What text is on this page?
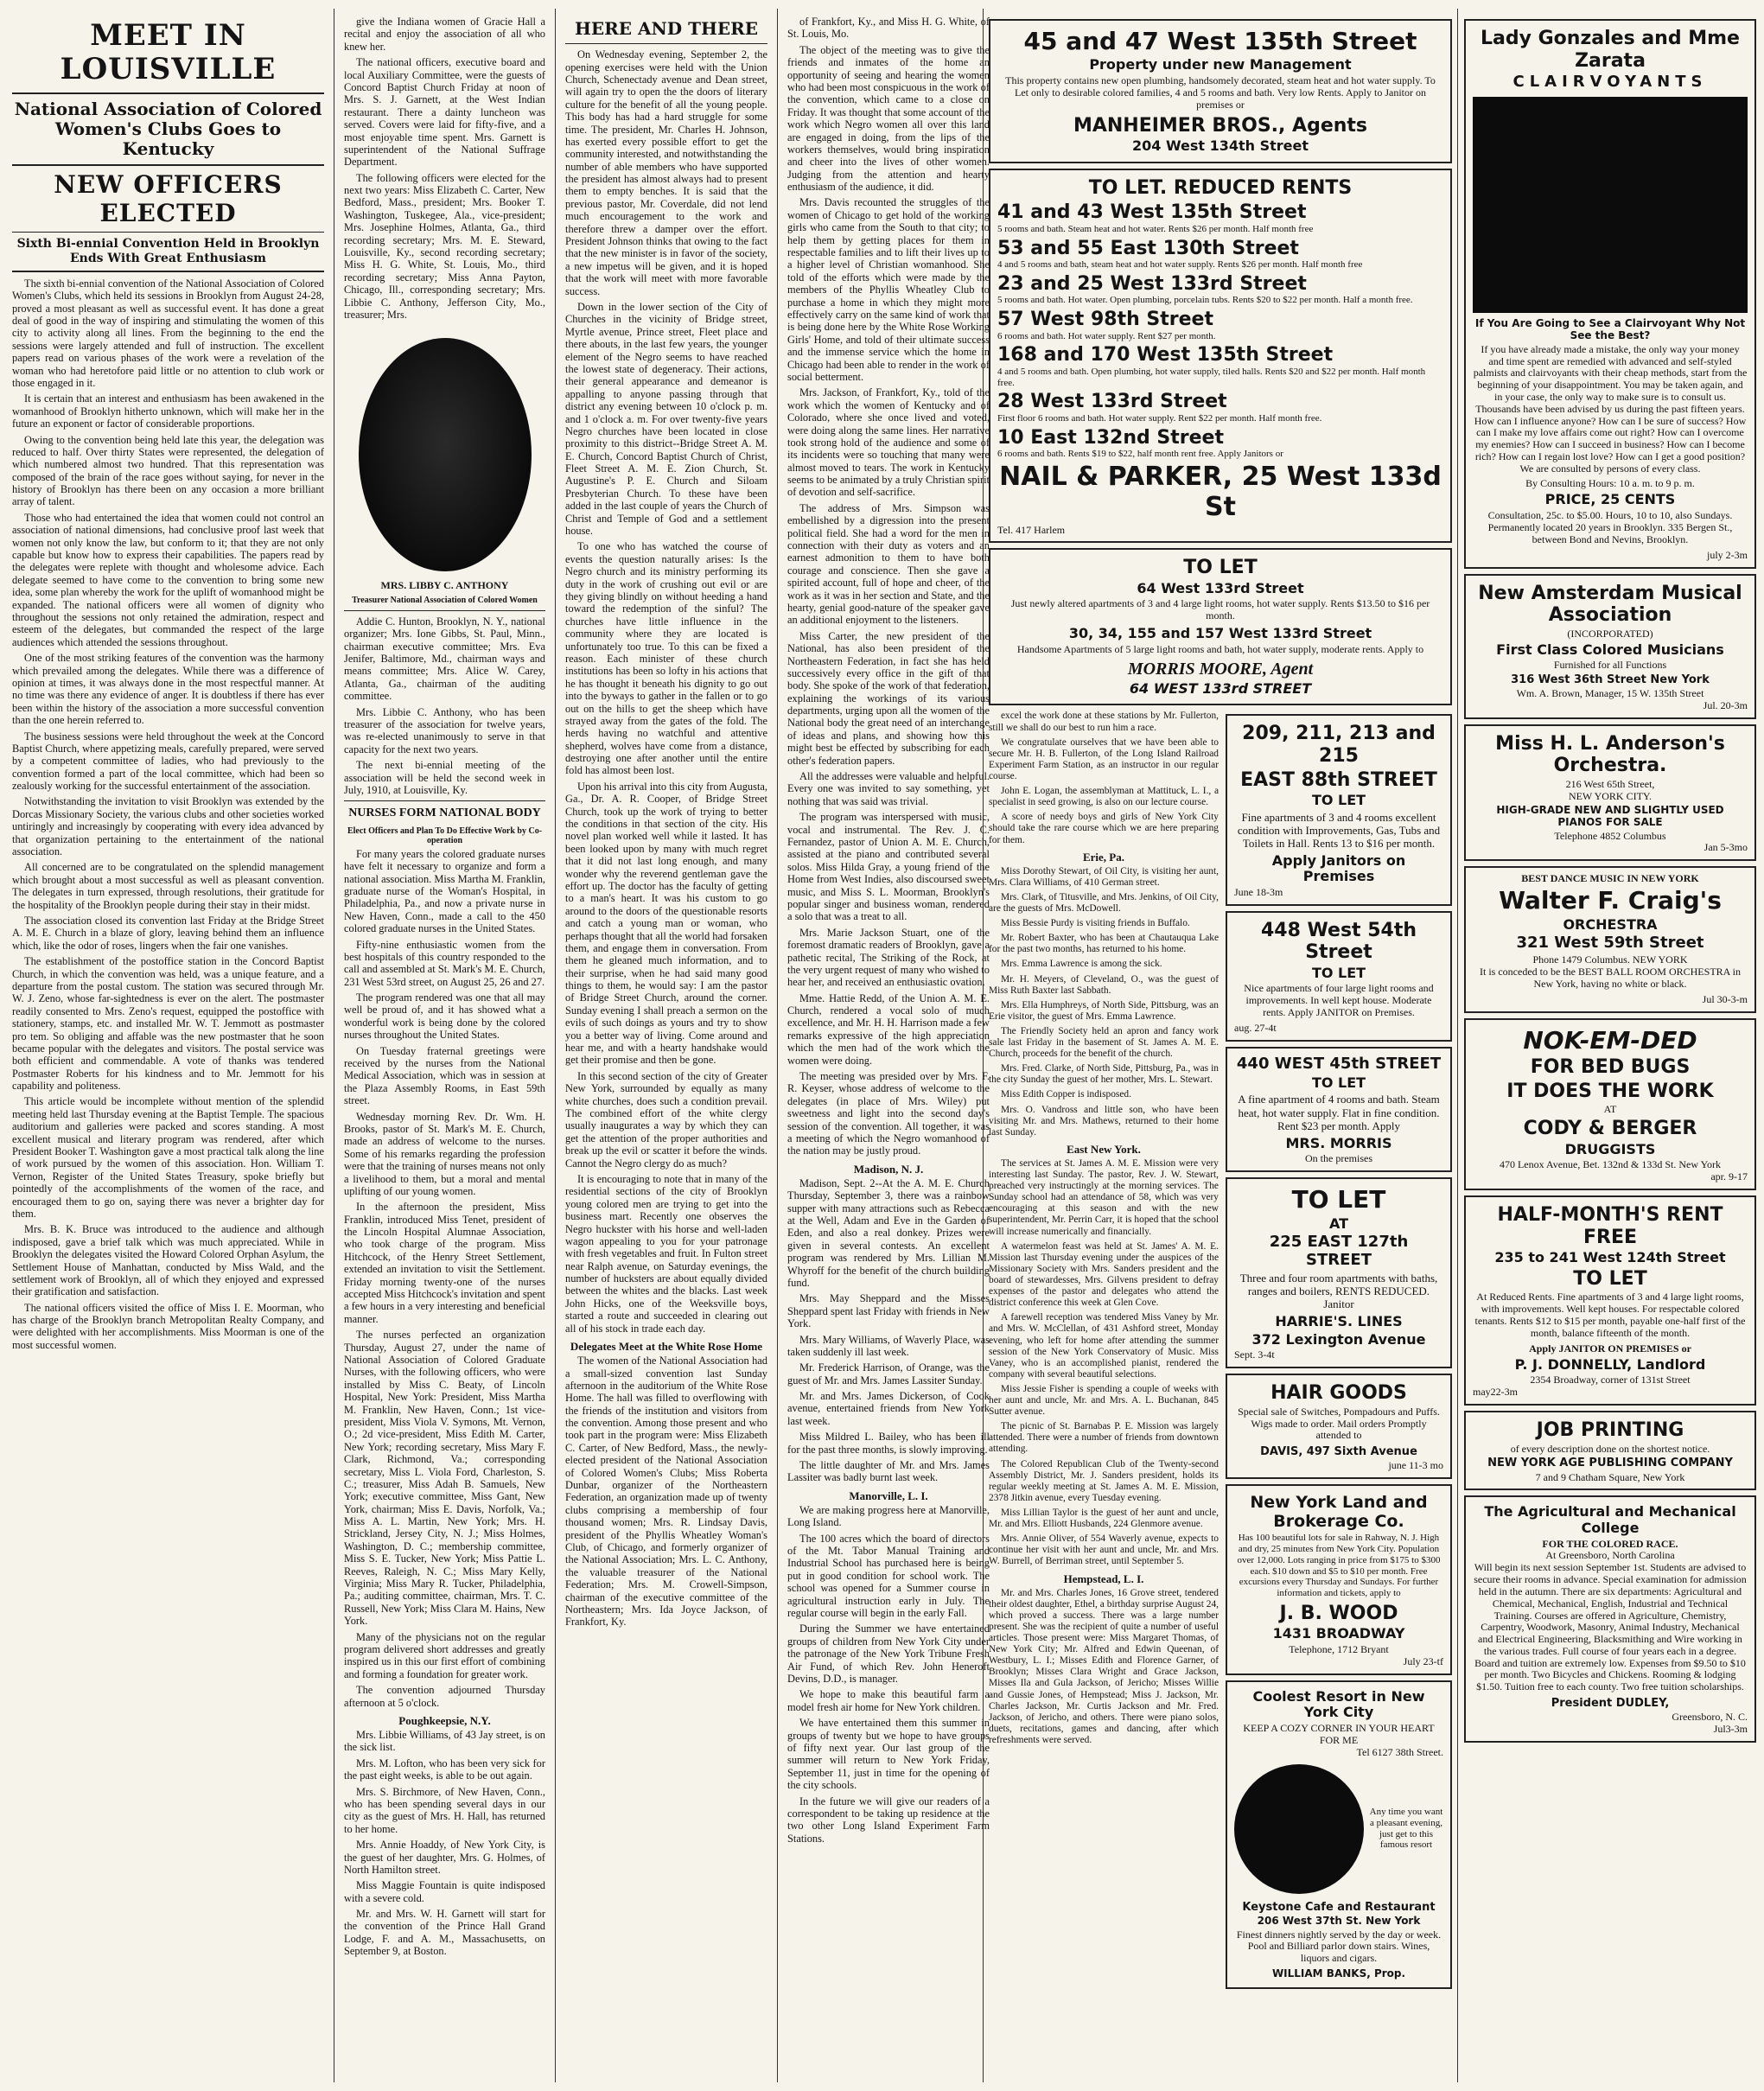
MEET IN LOUISVILLE
National Association of Colored Women's Clubs Goes to Kentucky
NEW OFFICERS ELECTED
Sixth Bi-ennial Convention Held in Brooklyn Ends With Great Enthusiasm

The sixth bi-ennial convention of the National Association of Colored Women's Clubs, which held its sessions in Brooklyn from August 24-28, proved a most pleasant as well as successful event. It has done a great deal of good in the way of inspiring and stimulating the women of this city to activity along all lines. From the beginning to the end the sessions were largely attended and full of instruction. The excellent papers read on various phases of the work were a revelation of the woman who had heretofore paid little or no attention to club work or those engaged in it.

It is certain that an interest and enthusiasm has been awakened in the womanhood of Brooklyn hitherto unknown, which will make her in the future an exponent or factor of considerable proportions.

Owing to the convention being held late this year, the delegation was reduced to half. Over thirty States were represented, the delegation of which numbered almost two hundred. That this representation was composed of the brain of the race goes without saying, for never in the history of Brooklyn has there been on any occasion a more brilliant array of talent.

Those who had entertained the idea that women could not control an association of national dimensions, had conclusive proof last week that women not only know the law, but conform to it; that they are not only capable but know how to express their capabilities. The papers read by the delegates were replete with thought and wholesome advice. Each delegate seemed to have come to the convention to bring some new idea, some plan whereby the work for the uplift of womanhood might be expanded. The national officers were all women of dignity who throughout the sessions not only retained the admiration, respect and esteem of the delegates, but commanded the respect of the large audiences which attended the sessions throughout.

One of the most striking features of the convention was the harmony which prevailed among the delegates. While there was a difference of opinion at times, it was always done in the most respectful manner. At no time was there any evidence of anger. It is doubtless if there has ever been within the history of the association a more successful convention than the one herein referred to.

The business sessions were held throughout the week at the Concord Baptist Church, where appetizing meals, carefully prepared, were served by a competent committee of ladies, who had previously to the convention formed a part of the local committee, which had been so zealously working for the successful entertainment of the association.

Notwithstanding the invitation to visit Brooklyn was extended by the Dorcas Missionary Society, the various clubs and other societies worked untiringly and increasingly by cooperating with every idea advanced by that organization pertaining to the entertainment of the national association.

All concerned are to be congratulated on the splendid management which brought about a most successful as well as pleasant convention. The delegates in turn expressed, through resolutions, their gratitude for the hospitality of the Brooklyn people during their stay in their midst.

The association closed its convention last Friday at the Bridge Street A. M. E. Church in a blaze of glory, leaving behind them an influence which, like the odor of roses, lingers when the fair one vanishes.

The establishment of the postoffice station in the Concord Baptist Church, in which the convention was held, was a unique feature, and a departure from the postal custom. The station was secured through Mr. W. J. Zeno, whose far-sightedness is ever on the alert. The postmaster readily consented to Mrs. Zeno's request, equipped the postoffice with stationery, stamps, etc. and installed Mr. W. T. Jemmott as postmaster pro tem. So obliging and affable was the new postmaster that he soon became popular with the delegates and visitors. The postal service was both efficient and commendable. A vote of thanks was tendered Postmaster Roberts for his kindness and to Mr. Jemmott for his capability and politeness.

This article would be incomplete without mention of the splendid meeting held last Thursday evening at the Baptist Temple. The spacious auditorium and galleries were packed and scores standing. A most excellent musical and literary program was rendered, after which President Booker T. Washington gave a most practical talk along the line of work pursued by the women of this association. Hon. William T. Vernon, Register of the United States Treasury, spoke briefly but pointedly of the accomplishments of the women of the race, and encouraged them to go on, saying there was never a brighter day for them.

Mrs. B. K. Bruce was introduced to the audience and although indisposed, gave a brief talk which was much appreciated. While in Brooklyn the delegates visited the Howard Colored Orphan Asylum, the Settlement House of Manhattan, conducted by Miss Wald, and the settlement work of Brooklyn, all of which they enjoyed and expressed their gratification and satisfaction.

The national officers visited the office of Miss I. E. Moorman, who has charge of the Brooklyn branch Metropolitan Realty Company, and were delighted with her accomplishments. Miss Moorman is one of the most successful women.

give the Indiana women of Gracie Hall a recital and enjoy the association of all who knew her.

The national officers, executive board and local Auxiliary Committee, were the guests of Concord Baptist Church Friday at noon of Mrs. S. J. Garnett, at the West Indian restaurant. There a dainty luncheon was served. Covers were laid for fifty-five, and a most enjoyable time spent. Mrs. Garnett is superintendent of the National Suffrage Department.

The following officers were elected for the next two years: Miss Elizabeth C. Carter, New Bedford, Mass., president; Mrs. Booker T. Washington, Tuskegee, Ala., vice-president; Mrs. Josephine Holmes, Atlanta, Ga., third recording secretary; Mrs. M. E. Steward, Louisville, Ky., second recording secretary; Miss H. G. White, St. Louis, Mo., third recording secretary; Miss Anna Payton, Chicago, Ill., corresponding secretary; Mrs. Libbie C. Anthony, Jefferson City, Mo., treasurer; Mrs.

MRS. LIBBY C. ANTHONY

Treasurer National Association of Colored Women

Addie C. Hunton, Brooklyn, N. Y., national organizer; Mrs. Ione Gibbs, St. Paul, Minn., chairman executive committee; Mrs. Eva Jenifer, Baltimore, Md., chairman ways and means committee; Mrs. Alice W. Carey, Atlanta, Ga., chairman of the auditing committee.

Mrs. Libbie C. Anthony, who has been treasurer of the association for twelve years, was re-elected unanimously to serve in that capacity for the next two years.

The next bi-ennial meeting of the association will be held the second week in July, 1910, at Louisville, Ky.

NURSES FORM NATIONAL BODY
Elect Officers and Plan To Do Effective Work by Co-operation

For many years the colored graduate nurses have felt it necessary to organize and form a national association. Miss Martha M. Franklin, graduate nurse of the Woman's Hospital, in Philadelphia, Pa., and now a private nurse in New Haven, Conn., made a call to the 450 colored graduate nurses in the United States.

Fifty-nine enthusiastic women from the best hospitals of this country responded to the call and assembled at St. Mark's M. E. Church, 231 West 53rd street, on August 25, 26 and 27.

The program rendered was one that all may well be proud of, and it has showed what a wonderful work is being done by the colored nurses throughout the United States.

On Tuesday fraternal greetings were received by the nurses from the National Medical Association, which was in session at the Plaza Assembly Rooms, in East 59th street.

Wednesday morning Rev. Dr. Wm. H. Brooks, pastor of St. Mark's M. E. Church, made an address of welcome to the nurses. Some of his remarks regarding the profession were that the training of nurses means not only a livelihood to them, but a moral and mental uplifting of our young women.

In the afternoon the president, Miss Franklin, introduced Miss Tenet, president of the Lincoln Hospital Alumnae Association, who took charge of the program. Miss Hitchcock, of the Henry Street Settlement, extended an invitation to visit the Settlement. Friday morning twenty-one of the nurses accepted Miss Hitchcock's invitation and spent a few hours in a very interesting and beneficial manner.

The nurses perfected an organization Thursday, August 27, under the name of National Association of Colored Graduate Nurses, with the following officers, who were installed by Miss C. Beaty, of Lincoln Hospital, New York: President, Miss Martha M. Franklin, New Haven, Conn.; 1st vice-president, Miss Viola V. Symons, Mt. Vernon, O.; 2d vice-president, Miss Edith M. Carter, New York; recording secretary, Miss Mary F. Clark, Richmond, Va.; corresponding secretary, Miss L. Viola Ford, Charleston, S. C.; treasurer, Miss Adah B. Samuels, New York; executive committee, Miss Gant, New York, chairman; Miss E. Davis, Norfolk, Va.; Miss A. L. Martin, New York; Mrs. H. Strickland, Jersey City, N. J.; Miss Holmes, Washington, D. C.; membership committee, Miss S. E. Tucker, New York; Miss Pattie L. Reeves, Raleigh, N. C.; Miss Mary Kelly, Virginia; Miss Mary R. Tucker, Philadelphia, Pa.; auditing committee, chairman, Mrs. T. C. Russell, New York; Miss Clara M. Hains, New York.

Many of the physicians not on the regular program delivered short addresses and greatly inspired us in this our first effort of combining and forming a foundation for greater work.

The convention adjourned Thursday afternoon at 5 o'clock.

Poughkeepsie, N.Y.

Mrs. Libbie Williams, of 43 Jay street, is on the sick list.

Mrs. M. Lofton, who has been very sick for the past eight weeks, is able to be out again.

Mrs. S. Birchmore, of New Haven, Conn., who has been spending several days in our city as the guest of Mrs. H. Hall, has returned to her home.

Mrs. Annie Hoaddy, of New York City, is the guest of her daughter, Mrs. G. Holmes, of North Hamilton street.

Miss Maggie Fountain is quite indisposed with a severe cold.

Mr. and Mrs. W. H. Garnett will start for the convention of the Prince Hall Grand Lodge, F. and A. M., Massachusetts, on September 9, at Boston.

HERE AND THERE

On Wednesday evening, September 2, the opening exercises were held with the Union Church, Schenectady avenue and Dean street, will again try to open the the doors of literary culture for the benefit of all the young people. This body has had a hard struggle for some time. The president, Mr. Charles H. Johnson, has exerted every possible effort to get the community interested, and notwithstanding the number of able members who have supported the president has almost always had to present them to empty benches. It is said that the previous pastor, Mr. Coverdale, did not lend much encouragement to the work and therefore threw a damper over the effort. President Johnson thinks that owing to the fact that the new minister is in favor of the society, a new impetus will be given, and it is hoped that the work will meet with more favorable success.

Down in the lower section of the City of Churches in the vicinity of Bridge street, Myrtle avenue, Prince street, Fleet place and there abouts, in the last few years, the younger element of the Negro seems to have reached the lowest state of degeneracy. Their actions, their general appearance and demeanor is appalling to anyone passing through that district any evening between 10 o'clock p. m. and 1 o'clock a. m. For over twenty-five years Negro churches have been located in close proximity to this district--Bridge Street A. M. E. Church, Concord Baptist Church of Christ, Fleet Street A. M. E. Zion Church, St. Augustine's P. E. Church and Siloam Presbyterian Church. To these have been added in the last couple of years the Church of Christ and Temple of God and a settlement house.

To one who has watched the course of events the question naturally arises: Is the Negro church and its ministry performing its duty in the work of crushing out evil or are they giving blindly on without heeding a hand toward the redemption of the sinful? The churches have little influence in the community where they are located is unfortunately too true. To this can be fixed a reason. Each minister of these church institutions has been so lofty in his actions that he has thought it beneath his dignity to go out into the byways to gather in the fallen or to go out on the hills to get the sheep which have strayed away from the gates of the fold. The herds having no watchful and attentive shepherd, wolves have come from a distance, destroying one after another until the entire fold has almost been lost.

Upon his arrival into this city from Augusta, Ga., Dr. A. R. Cooper, of Bridge Street Church, took up the work of trying to better the conditions in that section of the city. His novel plan worked well while it lasted. It has been looked upon by many with much regret that it did not last long enough, and many wonder why the reverend gentleman gave the effort up. The doctor has the faculty of getting to a man's heart. It was his custom to go around to the doors of the questionable resorts and catch a young man or woman, who perhaps thought that all the world had forsaken them, and engage them in conversation. From them he gleaned much information, and to their surprise, when he had said many good things to them, he would say: I am the pastor of Bridge Street Church, around the corner. Sunday evening I shall preach a sermon on the evils of such doings as yours and try to show you a better way of living. Come around and hear me, and with a hearty handshake would get their promise and then be gone.

In this second section of the city of Greater New York, surrounded by equally as many white churches, does such a condition prevail. The combined effort of the white clergy usually inaugurates a way by which they can get the attention of the proper authorities and break up the evil or scatter it before the winds. Cannot the Negro clergy do as much?

It is encouraging to note that in many of the residential sections of the city of Brooklyn young colored men are trying to get into the business mart. Recently one observes the Negro huckster with his horse and well-laden wagon appealing to you for your patronage with fresh vegetables and fruit. In Fulton street near Ralph avenue, on Saturday evenings, the number of hucksters are about equally divided between the whites and the blacks. Last week John Hicks, one of the Weeksville boys, started a route and succeeded in clearing out all of his stock in trade each day.

Delegates Meet at the White Rose Home

The women of the National Association had a small-sized convention last Sunday afternoon in the auditorium of the White Rose Home. The hall was filled to overflowing with the friends of the institution and visitors from the convention. Among those present and who took part in the program were: Miss Elizabeth C. Carter, of New Bedford, Mass., the newly-elected president of the National Association of Colored Women's Clubs; Miss Roberta Dunbar, organizer of the Northeastern Federation, an organization made up of twenty clubs comprising a membership of four thousand women; Mrs. R. Lindsay Davis, president of the Phyllis Wheatley Woman's Club, of Chicago, and formerly organizer of the National Association; Mrs. L. C. Anthony, the valuable treasurer of the National Federation; Mrs. M. Crowell-Simpson, chairman of the executive committee of the Northeastern; Mrs. Ida Joyce Jackson, of Frankfort, Ky.

of Frankfort, Ky., and Miss H. G. White, of St. Louis, Mo.

The object of the meeting was to give the friends and inmates of the home an opportunity of seeing and hearing the women who had been most conspicuous in the work of the convention, which came to a close on Friday. It was thought that some account of the work which Negro women all over this land are engaged in doing, from the lips of the workers themselves, would bring inspiration and cheer into the lives of other women. Judging from the attention and hearty enthusiasm of the audience, it did.

Mrs. Davis recounted the struggles of the women of Chicago to get hold of the working girls who came from the South to that city; to help them by getting places for them in respectable families and to lift their lives up to a higher level of Christian womanhood. She told of the efforts which were made by the members of the Phyllis Wheatley Club to purchase a home in which they might more effectively carry on the same kind of work that is being done here by the White Rose Working Girls' Home, and told of their ultimate success and the immense service which the home in Chicago had been able to render in the work of social betterment.

Mrs. Jackson, of Frankfort, Ky., told of the work which the women of Kentucky and of Colorado, where she once lived and voted, were doing along the same lines. Her narrative took strong hold of the audience and some of its incidents were so touching that many were almost moved to tears. The work in Kentucky seems to be animated by a truly Christian spirit of devotion and self-sacrifice.

The address of Mrs. Simpson was embellished by a digression into the present political field. She had a word for the men in connection with their duty as voters and an earnest admonition to them to have both courage and conscience. Then she gave a spirited account, full of hope and cheer, of the work as it was in her section and State, and the hearty, genial good-nature of the speaker gave an additional enjoyment to the listeners.

Miss Carter, the new president of the National, has also been president of the Northeastern Federation, in fact she has held successively every office in the gift of that body. She spoke of the work of that federation, explaining the workings of its various departments, urging upon all the women of the National body the great need of an interchange of ideas and plans, and showing how this might best be effected by subscribing for each other's federation papers.

All the addresses were valuable and helpful. Every one was invited to say something, yet nothing that was said was trivial.

The program was interspersed with music, vocal and instrumental. The Rev. J. C. Fernandez, pastor of Union A. M. E. Church, assisted at the piano and contributed several solos. Miss Hilda Gray, a young friend of the Home from West Indies, also discoursed sweet music, and Miss S. L. Moorman, Brooklyn's popular singer and business woman, rendered a solo that was a treat to all.

Mrs. Marie Jackson Stuart, one of the foremost dramatic readers of Brooklyn, gave a pathetic recital, The Striking of the Rock, at the very urgent request of many who wished to hear her, and received an enthusiastic ovation.

Mme. Hattie Redd, of the Union A. M. E. Church, rendered a vocal solo of much excellence, and Mr. H. H. Harrison made a few remarks expressive of the high appreciation which the men had of the work which the women were doing.

The meeting was presided over by Mrs. F. R. Keyser, whose address of welcome to the delegates (in place of Mrs. Wiley) put sweetness and light into the second day's session of the convention. All together, it was a meeting of which the Negro womanhood of the nation may be justly proud.

Madison, N. J.

Madison, Sept. 2--At the A. M. E. Church Thursday, September 3, there was a rainbow supper with many attractions such as Rebecca at the Well, Adam and Eve in the Garden of Eden, and also a real donkey. Prizes were given in several contests. An excellent program was rendered by Mrs. Lillian M. Whyroff for the benefit of the church building fund.

Mrs. May Sheppard and the Misses Sheppard spent last Friday with friends in New York.

Mrs. Mary Williams, of Waverly Place, was taken suddenly ill last week.

Mr. Frederick Harrison, of Orange, was the guest of Mr. and Mrs. James Lassiter Sunday.

Mr. and Mrs. James Dickerson, of Cook avenue, entertained friends from New York last week.

Miss Mildred L. Bailey, who has been ill for the past three months, is slowly improving.

The little daughter of Mr. and Mrs. James Lassiter was badly burnt last week.

Manorville, L. I.

We are making progress here at Manorville, Long Island.

The 100 acres which the board of directors of the Mt. Tabor Manual Training and Industrial School has purchased here is being put in good condition for school work. The school was opened for a Summer course in agricultural instruction early in July. The regular course will begin in the early Fall.

During the Summer we have entertained groups of children from New York City under the patronage of the New York Tribune Fresh Air Fund, of which Rev. John Heneroft Devins, D.D., is manager.

We hope to make this beautiful farm a model fresh air home for New York children.

We have entertained them this summer in groups of twenty but we hope to have groups of fifty next year. Our last group of the summer will return to New York Friday, September 11, just in time for the opening of the city schools.

In the future we will give our readers of a correspondent to be taking up residence at the two other Long Island Experiment Farm Stations.

45 and 47 West 135th Street
Property under new Management

This property contains new open plumbing, handsomely decorated, steam heat and hot water supply. To Let only to desirable colored families, 4 and 5 rooms and bath. Very low Rents. Apply to Janitor on premises or

MANHEIMER BROS., Agents
204 West 134th Street
TO LET. REDUCED RENTS
41 and 43 West 135th Street
5 rooms and bath. Steam heat and hot water. Rents $26 per month. Half month free
53 and 55 East 130th Street
4 and 5 rooms and bath, steam heat and hot water supply. Rents $26 per month. Half month free
23 and 25 West 133rd Street
5 rooms and bath. Hot water. Open plumbing, porcelain tubs. Rents $20 to $22 per month. Half a month free.
57 West 98th Street
6 rooms and bath. Hot water supply. Rent $27 per month.
168 and 170 West 135th Street
4 and 5 rooms and bath. Open plumbing, hot water supply, tiled halls. Rents $20 and $22 per month. Half month free.
28 West 133rd Street
First floor 6 rooms and bath. Hot water supply. Rent $22 per month. Half month free.
10 East 132nd Street
6 rooms and bath. Rents $19 to $22, half month rent free. Apply Janitors or
NAIL & PARKER, 25 West 133d St
Tel. 417 Harlem
TO LET
64 West 133rd Street

Just newly altered apartments of 3 and 4 large light rooms, hot water supply. Rents $13.50 to $16 per month.

30, 34, 155 and 157 West 133rd Street

Handsome Apartments of 5 large light rooms and bath, hot water supply, moderate rents. Apply to

MORRIS MOORE, Agent
64 WEST 133rd STREET

excel the work done at these stations by Mr. Fullerton, still we shall do our best to run him a race.

We congratulate ourselves that we have been able to secure Mr. H. B. Fullerton, of the Long Island Railroad Experiment Farm Station, as an instructor in our regular course.

John E. Logan, the assemblyman at Mattituck, L. I., a specialist in seed growing, is also on our lecture course.

A score of needy boys and girls of New York City should take the rare course which we are here preparing for them.

Erie, Pa.

Miss Dorothy Stewart, of Oil City, is visiting her aunt, Mrs. Clara Williams, of 410 German street.

Mrs. Clark, of Titusville, and Mrs. Jenkins, of Oil City, are the guests of Mrs. McDowell.

Miss Bessie Purdy is visiting friends in Buffalo.

Mr. Robert Baxter, who has been at Chautauqua Lake for the past two months, has returned to his home.

Mrs. Emma Lawrence is among the sick.

Mr. H. Meyers, of Cleveland, O., was the guest of Miss Ruth Baxter last Sabbath.

Mrs. Ella Humphreys, of North Side, Pittsburg, was an Erie visitor, the guest of Mrs. Emma Lawrence.

The Friendly Society held an apron and fancy work sale last Friday in the basement of St. James A. M. E. Church, proceeds for the benefit of the church.

Mrs. Fred. Clarke, of North Side, Pittsburg, Pa., was in the city Sunday the guest of her mother, Mrs. L. Stewart.

Miss Edith Copper is indisposed.

Mrs. O. Vandross and little son, who have been visiting Mr. and Mrs. Mathews, returned to their home last Sunday.

East New York.

The services at St. James A. M. E. Mission were very interesting last Sunday. The pastor, Rev. J. W. Stewart, preached very instructingly at the morning services. The Sunday school had an attendance of 58, which was very encouraging at this season and with the new superintendent, Mr. Perrin Carr, it is hoped that the school will increase numerically and financially.

A watermelon feast was held at St. James' A. M. E. Mission last Thursday evening under the auspices of the Missionary Society with Mrs. Sanders president and the board of stewardesses, Mrs. Gilvens president to defray expenses of the pastor and delegates who attend the district conference this week at Glen Cove.

A farewell reception was tendered Miss Vaney by Mr. and Mrs. W. McClellan, of 431 Ashford street, Monday evening, who left for home after attending the summer session of the New York Conservatory of Music. Miss Vaney, who is an accomplished pianist, rendered the company with several beautiful selections.

Miss Jessie Fisher is spending a couple of weeks with her aunt and uncle, Mr. and Mrs. A. L. Buchanan, 845 Sutter avenue.

The picnic of St. Barnabas P. E. Mission was largely attended. There were a number of friends from downtown attending.

The Colored Republican Club of the Twenty-second Assembly District, Mr. J. Sanders president, holds its regular weekly meeting at St. James A. M. E. Mission, 2378 Jitkin avenue, every Tuesday evening.

Miss Lillian Taylor is the guest of her aunt and uncle, Mr. and Mrs. Elliott Husbands, 224 Glenmore avenue.

Mrs. Annie Oliver, of 554 Waverly avenue, expects to continue her visit with her aunt and uncle, Mr. and Mrs. W. Burrell, of Berriman street, until September 5.

Hempstead, L. I.

Mr. and Mrs. Charles Jones, 16 Grove street, tendered their oldest daughter, Ethel, a birthday surprise August 24, which proved a success. There was a large number present. She was the recipient of quite a number of useful articles. Those present were: Miss Margaret Thomas, of New York City; Mr. Alfred and Edwin Queenan, of Westbury, L. I.; Misses Edith and Florence Garner, of Brooklyn; Misses Clara Wright and Grace Jackson, Misses Ila and Gula Jackson, of Jericho; Misses Willie and Gussie Jones, of Hempstead; Miss J. Jackson, Mr. Charles Jackson, Mr. Curtis Jackson and Mr. Fred. Jackson, of Jericho, and others. There were piano solos, duets, recitations, games and dancing, after which refreshments were served.

209, 211, 213 and 215
EAST 88th STREET
TO LET

Fine apartments of 3 and 4 rooms excellent condition with Improvements, Gas, Tubs and Toilets in Hall. Rents 13 to $16 per month.

Apply Janitors on Premises
June 18-3m
448 West 54th Street
TO LET

Nice apartments of four large light rooms and improvements. In well kept house. Moderate rents. Apply JANITOR on Premises.

aug. 27-4t
440 WEST 45th STREET
TO LET

A fine apartment of 4 rooms and bath. Steam heat, hot water supply. Flat in fine condition. Rent $23 per month. Apply

MRS. MORRIS
On the premises
TO LET
AT
225 EAST 127th STREET

Three and four room apartments with baths, ranges and boilers, RENTS REDUCED. Janitor

HARRIE'S. LINES
372 Lexington Avenue
Sept. 3-4t
HAIR GOODS

Special sale of Switches, Pompadours and Puffs. Wigs made to order. Mail orders Promptly attended to

DAVIS, 497 Sixth Avenue
june 11-3 mo
New York Land and Brokerage Co.

Has 100 beautiful lots for sale in Rahway, N. J. High and dry, 25 minutes from New York City. Population over 12,000. Lots ranging in price from $175 to $300 each. $10 down and $5 to $10 per month. Free excursions every Thursday and Sundays. For further information and tickets, apply to

J. B. WOOD
1431 BROADWAY
Telephone, 1712 Bryant
July 23-tf
Coolest Resort in New York City
KEEP A COZY CORNER IN YOUR HEART FOR ME
Tel 6127 38th Street.
Any time you want a pleasant evening, just get to this famous resort
Keystone Cafe and Restaurant
206 West 37th St. New York

Finest dinners nightly served by the day or week. Pool and Billiard parlor down stairs. Wines, liquors and cigars.

WILLIAM BANKS, Prop.
Lady Gonzales and Mme Zarata
CLAIRVOYANTS
If You Are Going to See a Clairvoyant Why Not See the Best?

If you have already made a mistake, the only way your money and time spent are remedied with advanced and self-styled palmists and clairvoyants with their cheap methods, start from the beginning of your disappointment. You may be taken again, and in your case, the only way to make sure is to consult us. Thousands have been advised by us during the past fifteen years. How can I influence anyone? How can I be sure of success? How can I make my love affairs come out right? How can I overcome my enemies? How can I succeed in business? How can I become rich? How can I regain lost love? How can I get a good position? We are consulted by persons of every class.

By Consulting Hours: 10 a. m. to 9 p. m.
PRICE, 25 CENTS

Consultation, 25c. to $5.00. Hours, 10 to 10, also Sundays. Permanently located 20 years in Brooklyn. 335 Bergen St., between Bond and Nevins, Brooklyn.

july 2-3m
New Amsterdam Musical Association
(INCORPORATED)
First Class Colored Musicians
Furnished for all Functions
316 West 36th Street New York
Wm. A. Brown, Manager, 15 W. 135th Street
Jul. 20-3m
Miss H. L. Anderson's Orchestra.
216 West 65th Street,
NEW YORK CITY.
HIGH-GRADE NEW AND SLIGHTLY USED PIANOS FOR SALE
Telephone 4852 Columbus
Jan 5-3mo
BEST DANCE MUSIC IN NEW YORK
Walter F. Craig's
ORCHESTRA
321 West 59th Street
Phone 1479 Columbus. NEW YORK

It is conceded to be the BEST BALL ROOM ORCHESTRA in New York, having no white or black.

Jul 30-3-m
NOK-EM-DED
FOR BED BUGS
IT DOES THE WORK
AT
CODY & BERGER
DRUGGISTS
470 Lenox Avenue, Bet. 132nd & 133d St. New York
apr. 9-17
HALF-MONTH'S RENT FREE
235 to 241 West 124th Street
TO LET

At Reduced Rents. Fine apartments of 3 and 4 large light rooms, with improvements. Well kept houses. For respectable colored tenants. Rents $12 to $15 per month, payable one-half first of the month, balance fifteenth of the month.

Apply JANITOR ON PREMISES or
P. J. DONNELLY, Landlord
2354 Broadway, corner of 131st Street
may22-3m
JOB PRINTING
of every description done on the shortest notice.
NEW YORK AGE PUBLISHING COMPANY
7 and 9 Chatham Square, New York
The Agricultural and Mechanical College
FOR THE COLORED RACE.
At Greensboro, North Carolina

Will begin its next session September 1st. Students are advised to secure their rooms in advance. Special examination for admission held in the autumn. There are six departments: Agricultural and Chemical, Mechanical, English, Industrial and Technical Training. Courses are offered in Agriculture, Chemistry, Carpentry, Woodwork, Masonry, Animal Industry, Mechanical and Electrical Engineering, Blacksmithing and Wire working in the various trades. Full course of four years each in a degree. Board and tuition are extremely low. Expenses from $9.50 to $10 per month. Two Bicycles and Chickens. Rooming & lodging $1.50. Tuition free to each county. Two free tuition scholarships.

President DUDLEY,
Greensboro, N. C.
Jul3-3m
